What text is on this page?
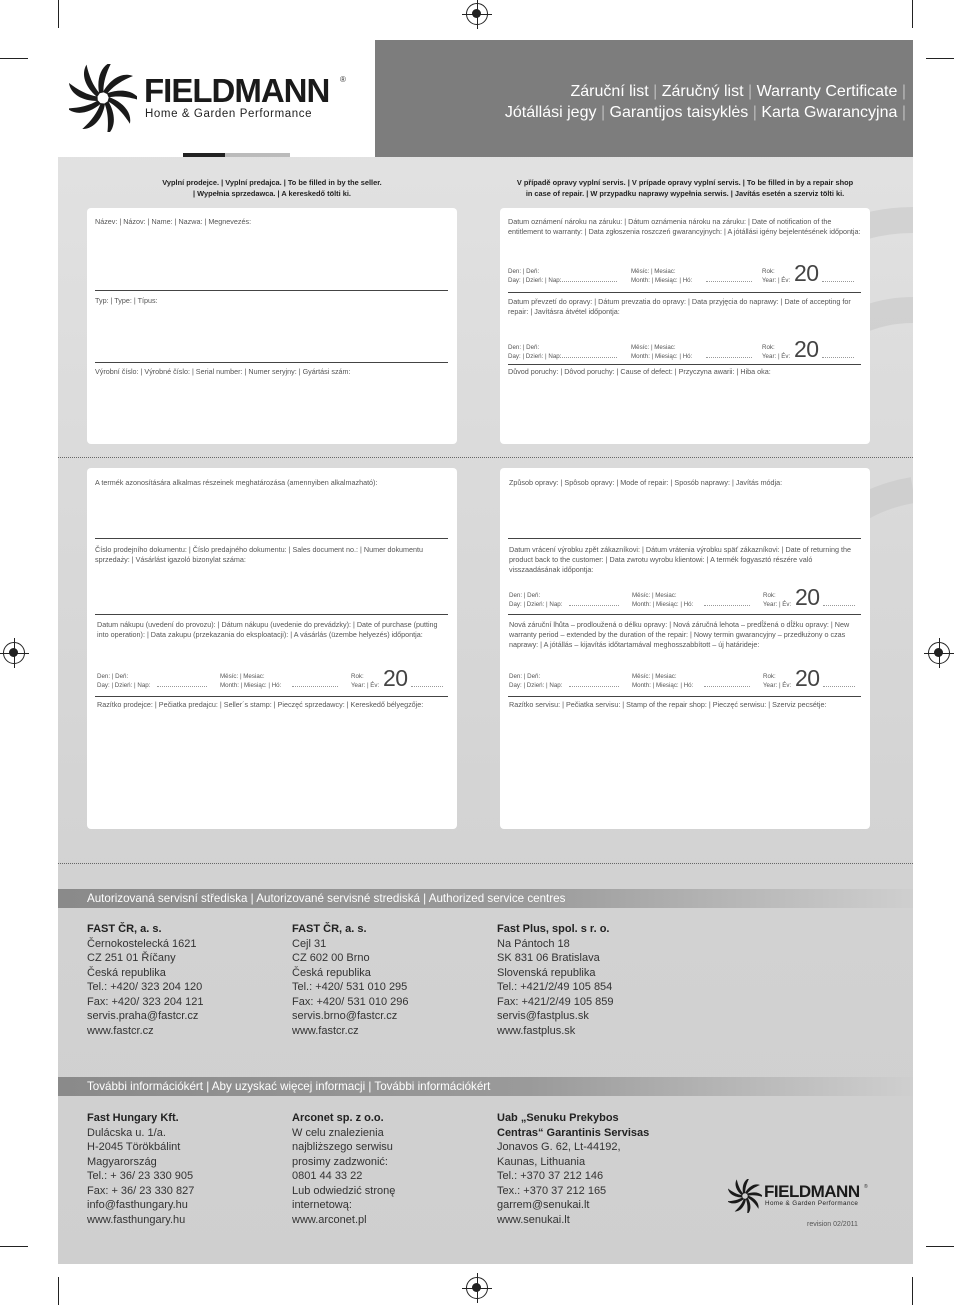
FIELDMANN ®
Home & Garden Performance
Záruční list | Záručný list | Warranty Certificate |
Jótállási jegy | Garantijos taisyklės | Karta Gwarancyjna |
Vyplní prodejce. | Vyplní predajca. | To be filled in by the seller.
| Wypełnia sprzedawca. | A kereskedő tölti ki.
V případě opravy vyplní servis. | V prípade opravy vyplní servis. | To be filled in by a repair shop
in case of repair. | W przypadku naprawy wypełnia serwis. | Javítás esetén a szerviz tölti ki.
Název: | Názov: | Name: | Nazwa: | Megnevezés:
Typ: | Type: | Típus:
Výrobní číslo: | Výrobné číslo: | Serial number: | Numer seryjny: | Gyártási szám:
Datum oznámení nároku na záruku: | Dátum oznámenia nároku na záruku: | Date of notification of the entitlement to warranty: | Data zgłoszenia roszczeń gwarancyjnych: | A jótállási igény bejelentésének időpontja:
Den: | Deň:
Day: | Dzień: | Nap:
Měsíc: | Mesiac:
Month: | Miesiąc: | Hó:
Rok:
Year: | Év: 20
Datum převzetí do opravy: | Dátum prevzatia do opravy: | Data przyjęcia do naprawy: | Date of accepting for repair: | Javításra átvétel időpontja:
Den: | Deň:
Day: | Dzień: | Nap:
Měsíc: | Mesiac:
Month: | Miesiąc: | Hó:
Rok:
Year: | Év: 20
Důvod poruchy: | Dôvod poruchy: | Cause of defect: | Przyczyna awarii: | Hiba oka:
A termék azonosítására alkalmas részeinek meghatározása (amennyiben alkalmazható):
Číslo prodejního dokumentu: | Číslo predajného dokumentu: | Sales document no.: | Numer dokumentu sprzedaży: | Vásárlást igazoló bizonylat száma:
Datum nákupu (uvedení do provozu): | Dátum nákupu (uvedenie do prevádzky): | Date of purchase (putting into operation): | Data zakupu (przekazania do eksploatacji): | A vásárlás (üzembe helyezés) időpontja:
Den: | Deň:
Day: | Dzień: | Nap:
Měsíc: | Mesiac:
Month: | Miesiąc: | Hó:
Rok:
Year: | Év: 20
Razítko prodejce: | Pečiatka predajcu: | Seller´s stamp: | Pieczęć sprzedawcy: | Kereskedő bélyegzője:
Způsob opravy: | Spôsob opravy: | Mode of repair: | Sposób naprawy: | Javítás módja:
Datum vrácení výrobku zpět zákazníkovi: | Dátum vrátenia výrobku späť zákazníkovi: | Date of returning the product back to the customer: | Data zwrotu wyrobu klientowi: | A termék fogyasztó részére való visszaadásának időpontja:
Den: | Deň:
Day: | Dzień: | Nap:
Měsíc: | Mesiac:
Month: | Miesiąc: | Hó:
Rok:
Year: | Év: 20
Nová záruční lhůta – prodloužená o délku opravy: | Nová záručná lehota – predĺžená o dĺžku opravy: | New warranty period – extended by the duration of the repair: | Nowy termin gwarancyjny – przedłużony o czas naprawy: | A jótállás – kijavítás időtartamával meghosszabbított – új határideje:
Den: | Deň:
Day: | Dzień: | Nap:
Měsíc: | Mesiac:
Month: | Miesiąc: | Hó:
Rok:
Year: | Év: 20
Razítko servisu: | Pečiatka servisu: | Stamp of the repair shop: | Pieczęć serwisu: | Szerviz pecsétje:
Autorizovaná servisní střediska | Autorizované servisné strediská | Authorized service centres
FAST ČR, a. s.
Černokostelecká 1621
CZ 251 01 Říčany
Česká republika
Tel.: +420/ 323 204 120
Fax: +420/ 323 204 121
servis.praha@fastcr.cz
www.fastcr.cz
FAST ČR, a. s.
Cejl 31
CZ 602 00 Brno
Česká republika
Tel.: +420/ 531 010 295
Fax: +420/ 531 010 296
servis.brno@fastcr.cz
www.fastcr.cz
Fast Plus, spol. s r. o.
Na Pántoch 18
SK 831 06 Bratislava
Slovenská republika
Tel.: +421/2/49 105 854
Fax: +421/2/49 105 859
servis@fastplus.sk
www.fastplus.sk
További információkért | Aby uzyskać więcej informacji | További információkért
Fast Hungary Kft.
Dulácska u. 1/a.
H-2045 Törökbálint
Magyarország
Tel.: + 36/ 23 330 905
Fax: + 36/ 23 330 827
info@fasthungary.hu
www.fasthungary.hu
Arconet sp. z o.o.
W celu znalezienia
najbliższego serwisu
prosimy zadzwonić:
0801 44 33 22
Lub odwiedzić stronę
internetową:
www.arconet.pl
Uab „Senuku Prekybos
Centras“ Garantinis Servisas
Jonavos G. 62, Lt-44192,
Kaunas, Lithuania
Tel.: +370 37 212 146
Tex.: +370 37 212 165
garrem@senukai.lt
www.senukai.lt
FIELDMANN ®
Home & Garden Performance
revision 02/2011
